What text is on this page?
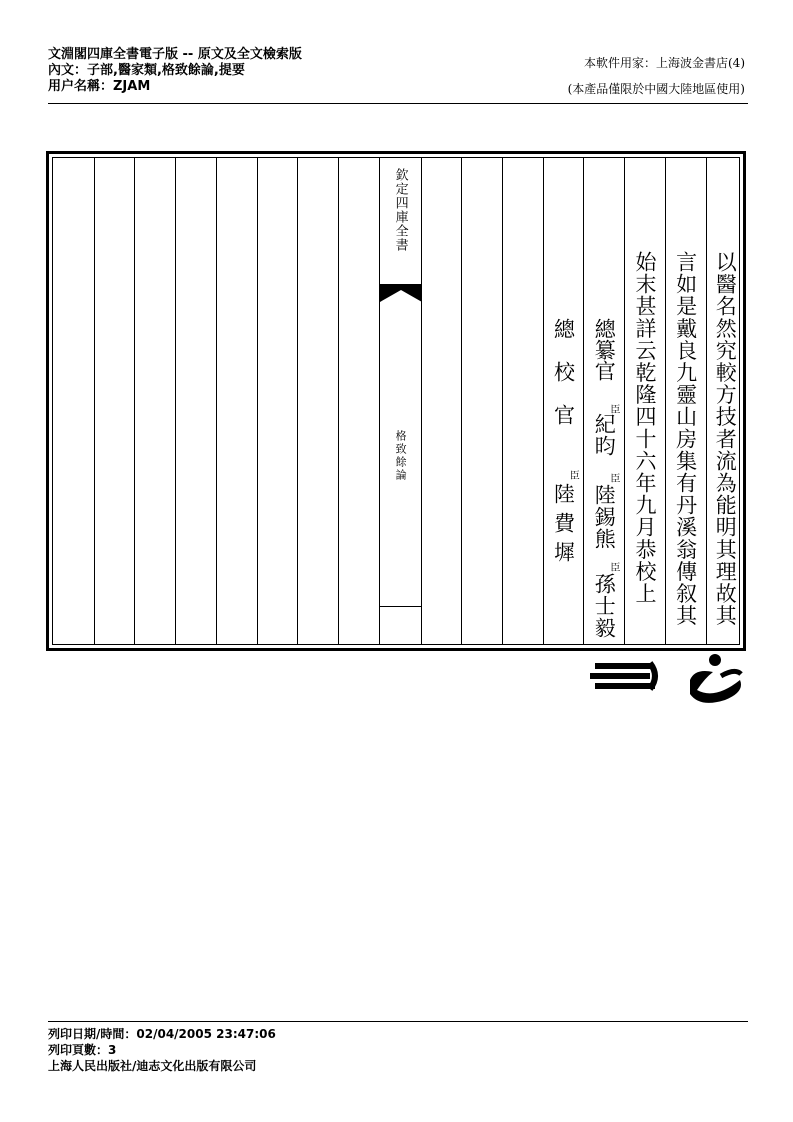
文淵閣四庫全書電子版 -- 原文及全文檢索版
內文：子部,醫家類,格致餘論,提要
用户名稱：ZJAM
本軟件用家：上海波金書店(4)
(本產品僅限於中國大陸地區使用)
欽定四庫全書
格致餘論
總校官
臣
陸費墀
總纂官
臣
紀昀
臣
陸錫熊
臣
孫士毅
始末甚詳云乾隆四十六年九月恭校上 言如是戴良九靈山房集有丹溪翁傳叙其 以醫名然究較方技者流為能明其理故其
列印日期/時間：02/04/2005 23:47:06
列印頁數：3
上海人民出版社/迪志文化出版有限公司
